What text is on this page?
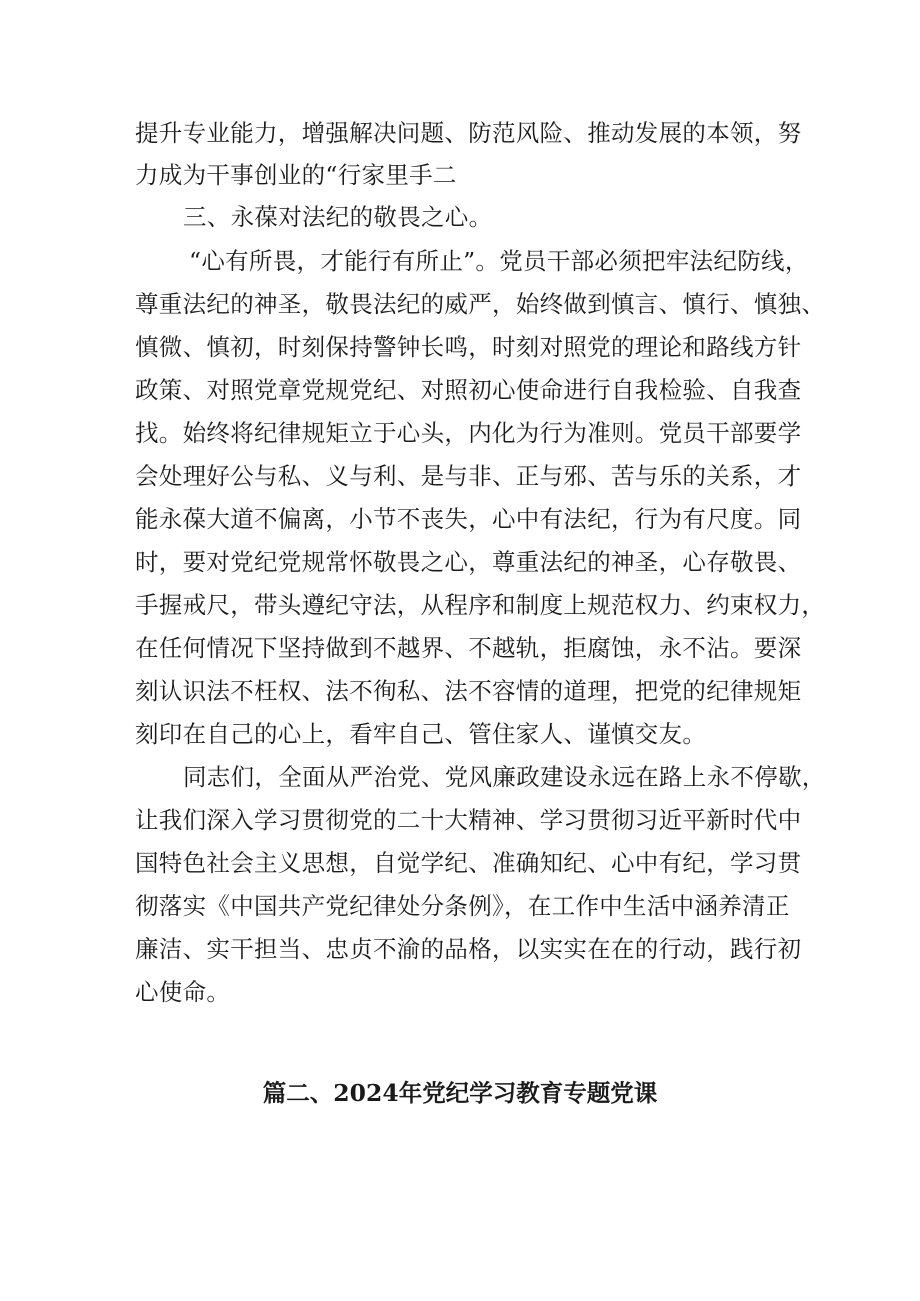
提升专业能力，增强解决问题、防范风险、推动发展的本领，努

力成为干事创业的“行家里手二

三、永葆对法纪的敬畏之心。

“心有所畏，才能行有所止”。党员干部必须把牢法纪防线，

尊重法纪的神圣，敬畏法纪的威严，始终做到慎言、慎行、慎独、

慎微、慎初，时刻保持警钟长鸣，时刻对照党的理论和路线方针

政策、对照党章党规党纪、对照初心使命进行自我检验、自我查

找。始终将纪律规矩立于心头，内化为行为准则。党员干部要学

会处理好公与私、义与利、是与非、正与邪、苦与乐的关系，才

能永葆大道不偏离，小节不丧失，心中有法纪，行为有尺度。同

时，要对党纪党规常怀敬畏之心，尊重法纪的神圣，心存敬畏、

手握戒尺，带头遵纪守法，从程序和制度上规范权力、约束权力，

在任何情况下坚持做到不越界、不越轨，拒腐蚀，永不沾。要深

刻认识法不枉权、法不徇私、法不容情的道理，把党的纪律规矩

刻印在自己的心上，看牢自己、管住家人、谨慎交友。

同志们，全面从严治党、党风廉政建设永远在路上永不停歇，

让我们深入学习贯彻党的二十大精神、学习贯彻习近平新时代中

国特色社会主义思想，自觉学纪、准确知纪、心中有纪，学习贯

彻落实《中国共产党纪律处分条例》，在工作中生活中涵养清正

廉洁、实干担当、忠贞不渝的品格，以实实在在的行动，践行初

心使命。

篇二、2024年党纪学习教育专题党课
